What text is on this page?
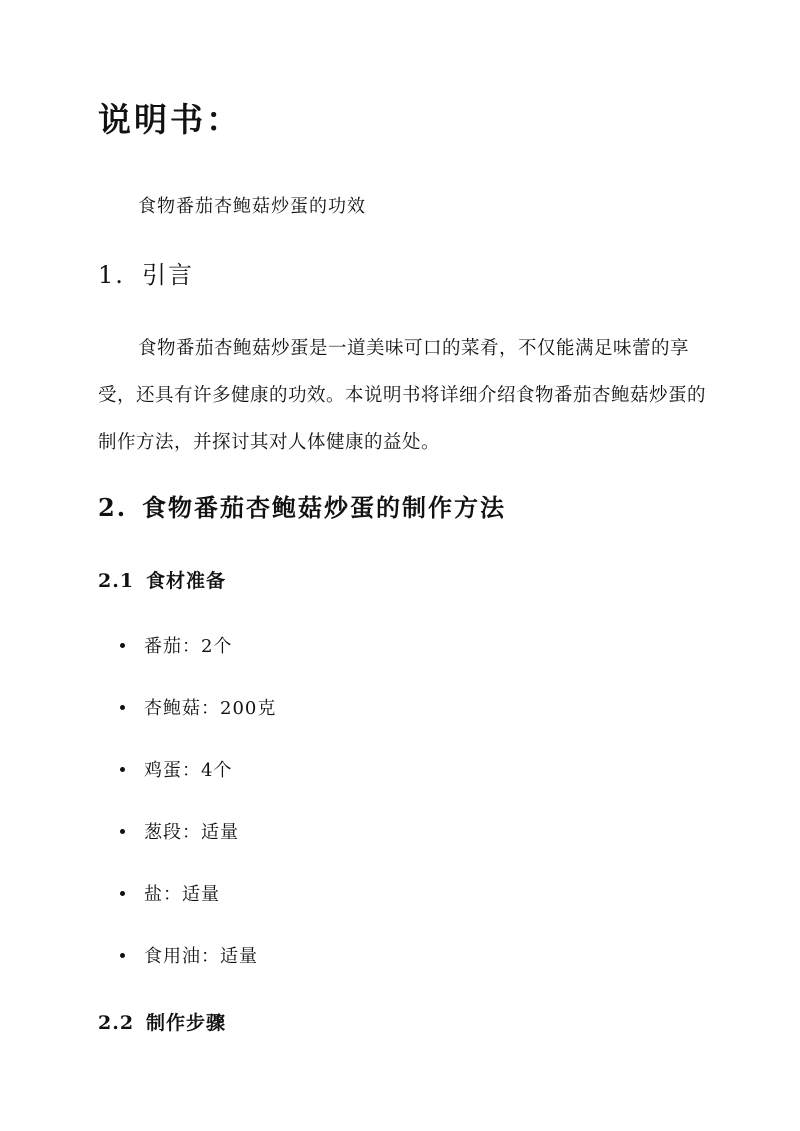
说明书：

食物番茄杏鲍菇炒蛋的功效

1. 引言

食物番茄杏鲍菇炒蛋是一道美味可口的菜肴，不仅能满足味蕾的享受，还具有许多健康的功效。本说明书将详细介绍食物番茄杏鲍菇炒蛋的制作方法，并探讨其对人体健康的益处。

2. 食物番茄杏鲍菇炒蛋的制作方法
2.1 食材准备
番茄：2个
杏鲍菇：200克
鸡蛋：4个
葱段：适量
盐：适量
食用油：适量
2.2 制作步骤
